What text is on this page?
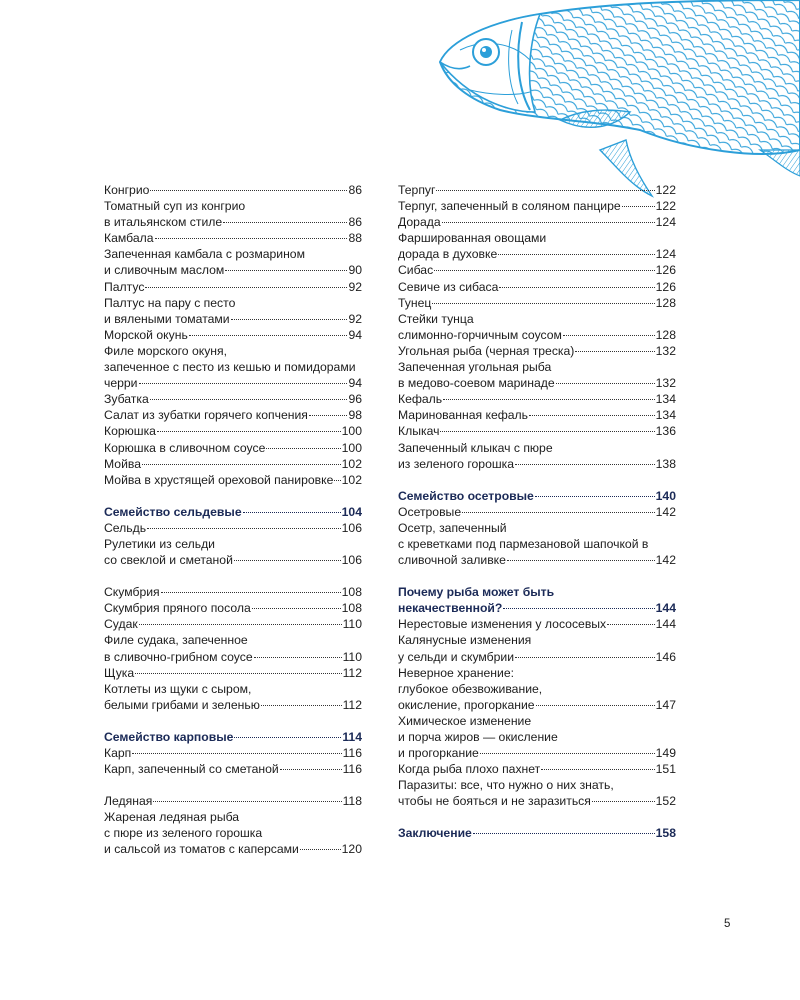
Конгрио	86
Томатный суп из конгрио
в итальянском стиле	86
Камбала	88
Запеченная камбала с розмарином
и сливочным маслом	90
Палтус	92
Палтус на пару с песто
и вялеными томатами	92
Морской окунь	94
Филе морского окуня,
запеченное с песто из кешью и помидорами
черри	94
Зубатка	96
Салат из зубатки горячего копчения	98
Корюшка	100
Корюшка в сливочном соусе	100
Мойва	102
Мойва в хрустящей ореховой панировке 102
Семейство сельдевые	104
Сельдь	106
Рулетики из сельди
со свеклой и сметаной	106
Скумбрия	108
Скумбрия пряного посола	108
Судак	110
Филе судака, запеченное
в сливочно-грибном соусе	110
Щука	112
Котлеты из щуки с сыром,
белыми грибами и зеленью	112
Семейство карповые	114
Карп	116
Карп, запеченный со сметаной	116
Ледяная	118
Жареная ледяная рыба
с пюре из зеленого горошка
и сальсой из томатов с каперсами	120
Терпуг	122
Терпуг, запеченный в соляном панцире	122
Дорада	124
Фаршированная овощами
дорада в духовке	124
Сибас	126
Севиче из сибаса	126
Тунец	128
Стейки тунца
слимонно-горчичным соусом	128
Угольная рыба (черная треска)	132
Запеченная угольная рыба
в медово-соевом маринаде	132
Кефаль	134
Маринованная кефаль	134
Клыкач	136
Запеченный клыкач с пюре
из зеленого горошка	138
Семейство осетровые	140
Осетровые	142
Осетр, запеченный
с креветками под пармезановой шапочкой в
сливочной заливке	142
Почему рыба может быть
некачественной?	144
Нерестовые изменения у лососевых	144
Калянусные изменения
у сельди и скумбрии	146
Неверное хранение:
глубокое обезвоживание,
окисление, прогоркание	147
Химическое изменение
и порча жиров — окисление
и прогоркание	149
Когда рыба плохо пахнет	151
Паразиты: все, что нужно о них знать,
чтобы не бояться и не заразиться	152
Заключение	158
5
